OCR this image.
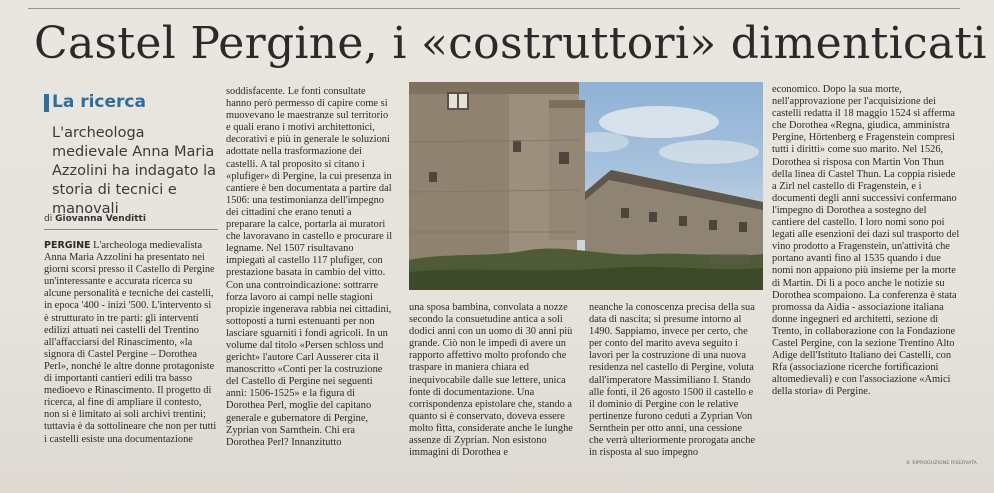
Castel Pergine, i «costruttori» dimenticati
La ricerca

L'archeologa medievale Anna Maria Azzolini ha indagato la storia di tecnici e manovali

di Giovanna Venditti

PERGINE L'archeologa medievalista Anna Maria Azzolini ha presentato nei giorni scorsi presso il Castello di Pergine un'interessante e accurata ricerca su alcune personalità e tecniche dei castelli, in epoca '400 - inizi '500. L'intervento si è strutturato in tre parti: gli interventi edilizi attuati nei castelli del Trentino all'affacciarsi del Rinascimento, «la signora di Castel Pergine – Dorothea Perl», nonché le altre donne protagoniste di importanti cantieri edili tra basso medioevo e Rinascimento. Il progetto di ricerca, al fine di ampliare il contesto, non si è limitato ai soli archivi trentini; tuttavia è da sottolineare che non per tutti i castelli esiste una documentazione

soddisfacente. Le fonti consultate hanno però permesso di capire come si muovevano le maestranze sul territorio e quali erano i motivi architettonici, decorativi e più in generale le soluzioni adottate nella trasformazione dei castelli. A tal proposito si citano i «plufiger» di Pergine, la cui presenza in cantiere è ben documentata a partire dal 1506: una testimonianza dell'impegno dei cittadini che erano tenuti a preparare la calce, portarla ai muratori che lavoravano in castello e procurare il legname. Nel 1507 risultavano impiegati al castello 117 plufiger, con prestazione basata in cambio del vitto. Con una controindicazione: sottrarre forza lavoro ai campi nelle stagioni propizie ingenerava rabbia nei cittadini, sottoposti a turni estenuanti per non lasciare sguarniti i fondi agricoli. In un volume dal titolo «Persen schloss und gericht» l'autore Carl Ausserer cita il manoscritto «Conti per la costruzione del Castello di Pergine nei seguenti anni: 1506-1525» e la figura di Dorothea Perl, moglie del capitano generale e gubernatore di Pergine, Zyprian von Sarnthein. Chi era Dorothea Perl? Innanzitutto

una sposa bambina, convolata a nozze secondo la consuetudine antica a soli dodici anni con un uomo di 30 anni più grande. Ciò non le impedì di avere un rapporto affettivo molto profondo che traspare in maniera chiara ed inequivocabile dalle sue lettere, unica fonte di documentazione. Una corrispondenza epistolare che, stando a quanto si è conservato, doveva essere molto fitta, considerate anche le lunghe assenze di Zyprian. Non esistono immagini di Dorothea e

neanche la conoscenza precisa della sua data di nascita; si presume intorno al 1490. Sappiamo, invece per certo, che per conto del marito aveva seguito i lavori per la costruzione di una nuova residenza nel castello di Pergine, voluta dall'imperatore Massimiliano I. Stando alle fonti, il 26 agosto 1500 il castello e il dominio di Pergine con le relative pertinenze furono ceduti a Zyprian Von Sernthein per otto anni, una cessione che verrà ulteriormente prorogata anche in risposta al suo impegno

economico. Dopo la sua morte, nell'approvazione per l'acquisizione dei castelli redatta il 18 maggio 1524 si afferma che Dorothea «Regna, giudica, amministra Pergine, Hörtenberg e Fragenstein compresi tutti i diritti» come suo marito. Nel 1526, Dorothea si risposa con Martin Von Thun della linea di Castel Thun. La coppia risiede a Zirl nel castello di Fragenstein, e i documenti degli anni successivi confermano l'impegno di Dorothea a sostegno del cantiere del castello. I loro nomi sono poi legati alle esenzioni dei dazi sul trasporto del vino prodotto a Fragenstein, un'attività che portano avanti fino al 1535 quando i due nomi non appaiono più insieme per la morte di Martin. Di lì a poco anche le notizie su Dorothea scompaiono. La conferenza è stata promossa da Aidia - associazione italiana donne ingegneri ed architetti, sezione di Trento, in collaborazione con la Fondazione Castel Pergine, con la sezione Trentino Alto Adige dell'Istituto Italiano dei Castelli, con Rfa (associazione ricerche fortificazioni altomedievali) e con l'associazione «Amici della storia» di Pergine.

© RIPRODUZIONE RISERVATA
